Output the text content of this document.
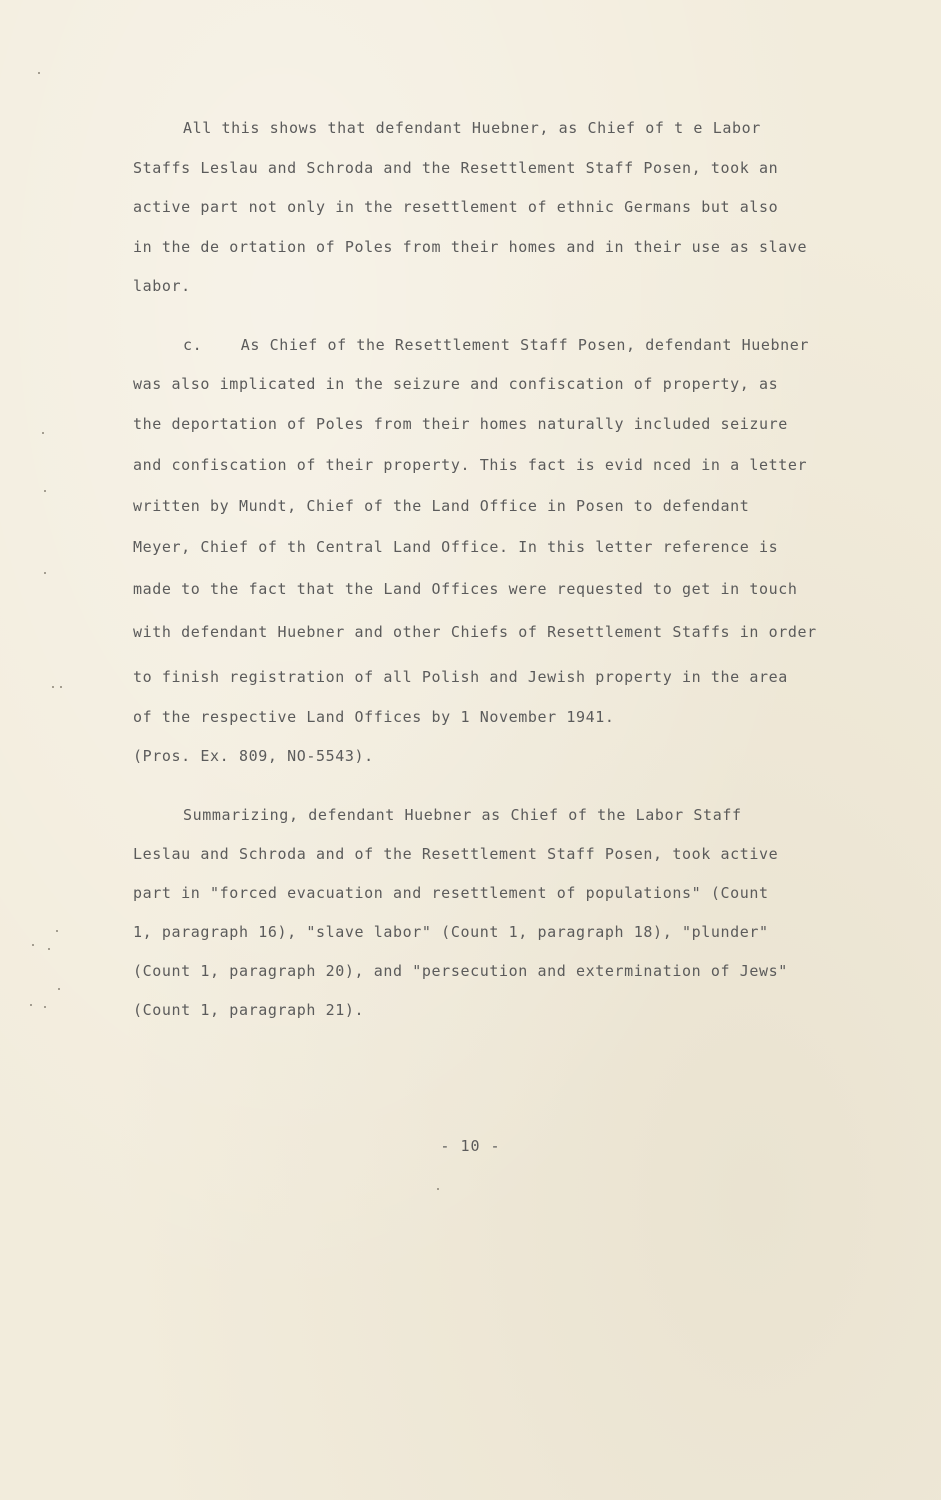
All this shows that defendant Huebner, as Chief of t e Labor

Staffs Leslau and Schroda and the Resettlement Staff Posen, took an

active part not only in the resettlement of ethnic Germans but also

in the de ortation of Poles from their homes and in their use as slave

labor.

c.    As Chief of the Resettlement Staff Posen, defendant Huebner

was also implicated in the seizure and confiscation of property, as

the deportation of Poles from their homes naturally included seizure

and confiscation of their property. This fact is evid nced in a letter

written by Mundt, Chief of the Land Office in Posen to defendant

Meyer, Chief of th Central Land Office. In this letter reference is

made to the fact that the Land Offices were requested to get in touch

with defendant Huebner and other Chiefs of Resettlement Staffs in order

to finish registration of all Polish and Jewish property in the area

of the respective Land Offices by 1 November 1941.

(Pros. Ex. 809, NO-5543).

Summarizing, defendant Huebner as Chief of the Labor Staff

Leslau and Schroda and of the Resettlement Staff Posen, took active

part in "forced evacuation and resettlement of populations" (Count

1, paragraph 16), "slave labor" (Count 1, paragraph 18), "plunder"

(Count 1, paragraph 20), and "persecution and extermination of Jews"

(Count 1, paragraph 21).

- 10 -
